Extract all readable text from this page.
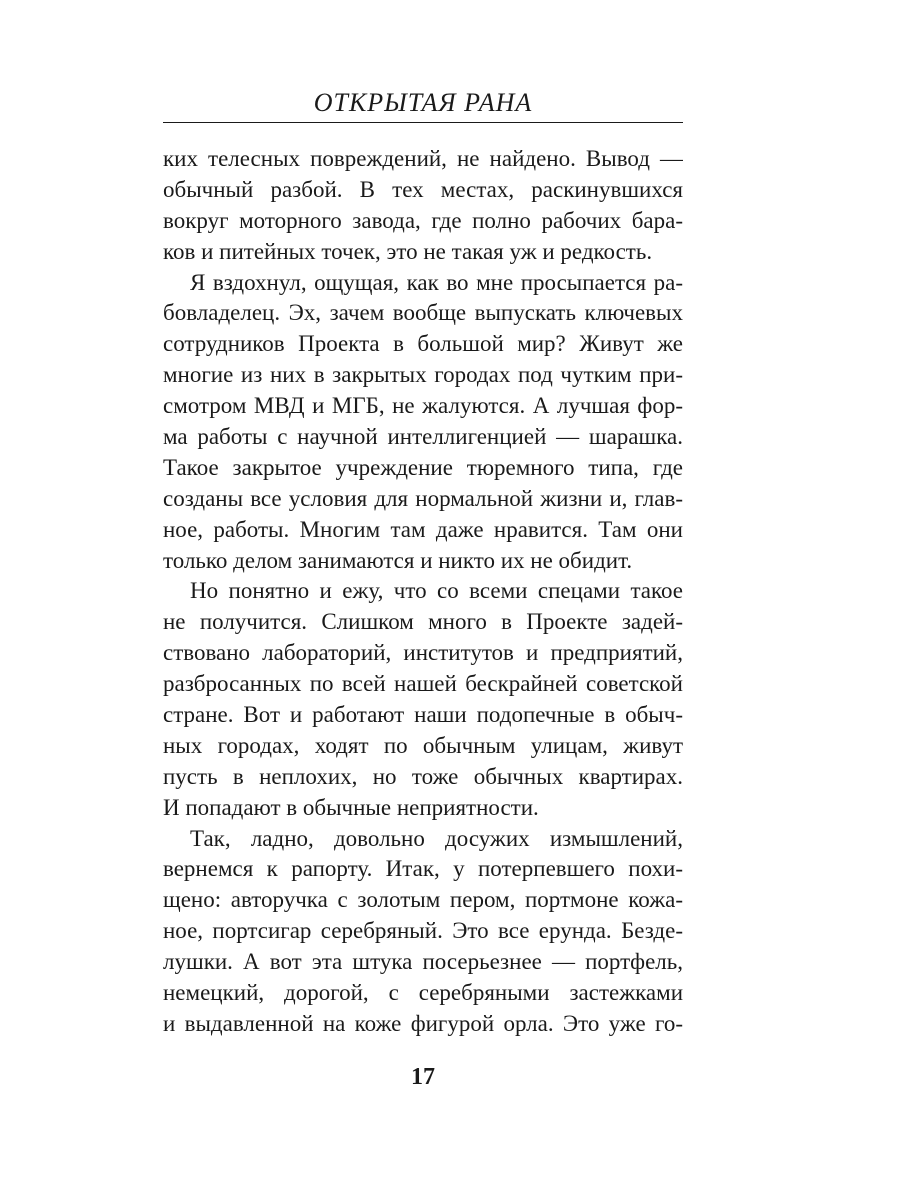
ОТКРЫТАЯ РАНА
ких телесных повреждений, не найдено. Вывод —
обычный разбой. В тех местах, раскинувшихся
вокруг моторного завода, где полно рабочих бара-
ков и питейных точек, это не такая уж и редкость.
Я вздохнул, ощущая, как во мне просыпается ра-
бовладелец. Эх, зачем вообще выпускать ключевых
сотрудников Проекта в большой мир? Живут же
многие из них в закрытых городах под чутким при-
смотром МВД и МГБ, не жалуются. А лучшая фор-
ма работы с научной интеллигенцией — шарашка.
Такое закрытое учреждение тюремного типа, где
созданы все условия для нормальной жизни и, глав-
ное, работы. Многим там даже нравится. Там они
только делом занимаются и никто их не обидит.
Но понятно и ежу, что со всеми спецами такое
не получится. Слишком много в Проекте задей-
ствовано лабораторий, институтов и предприятий,
разбросанных по всей нашей бескрайней советской
стране. Вот и работают наши подопечные в обыч-
ных городах, ходят по обычным улицам, живут
пусть в неплохих, но тоже обычных квартирах.
И попадают в обычные неприятности.
Так, ладно, довольно досужих измышлений,
вернемся к рапорту. Итак, у потерпевшего похи-
щено: авторучка с золотым пером, портмоне кожа-
ное, портсигар серебряный. Это все ерунда. Безде-
лушки. А вот эта штука посерьезнее — портфель,
немецкий, дорогой, с серебряными застежками
и выдавленной на коже фигурой орла. Это уже го-
17
